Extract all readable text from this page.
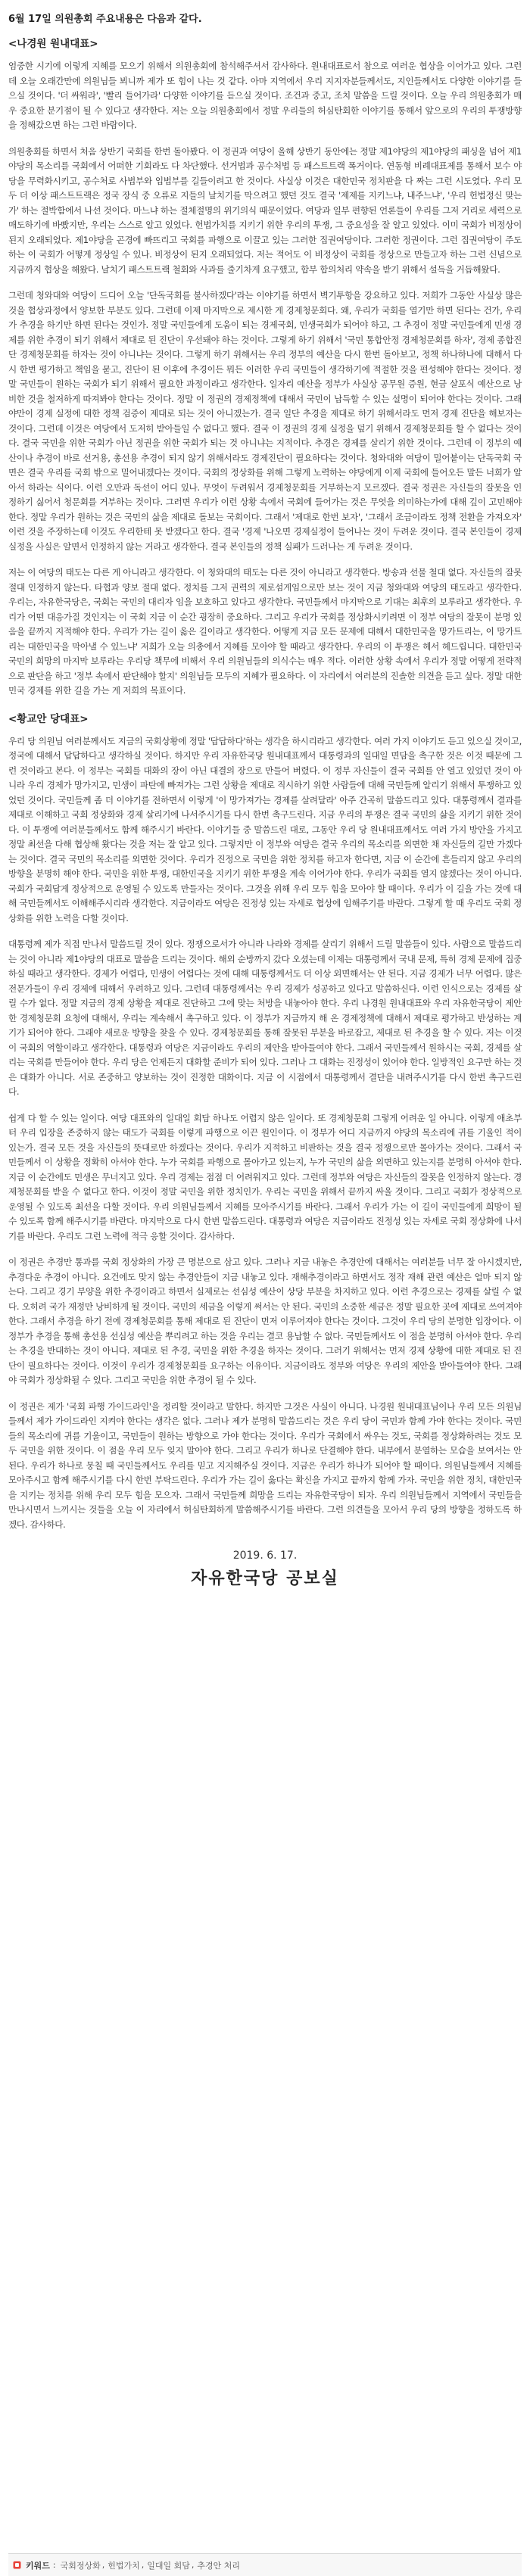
6월 17일 의원총회 주요내용은 다음과 같다.
<나경원 원내대표>

엄중한 시기에 이렇게 지혜를 모으기 위해서 의원총회에 참석해주셔서 감사하다. 원내대표로서 참으로 여러운 협상을 이어가고 있다. 그런데 오늘 오래간만에 의원님들 뵈니까 제가 또 힘이 나는 것 같다. 아마 지역에서 우리 지지자분들께서도, 지인들께서도 다양한 이야기를 들으실 것이다. '더 싸워라', '빨리 들어가라' 다양한 이야기를 듣으실 것이다. 조건과 중고, 조치 말씀을 드릴 것이다. 오늘 우리 의원총회가 매우 중요한 분기점이 될 수 있다고 생각한다. 저는 오늘 의원총회에서 정말 우리들의 허심탄회한 이야기를 통해서 앞으로의 우리의 투쟁방향을 정해갔으면 하는 그런 바람이다.

의원총회를 하면서 처음 상반기 국회를 한번 돌아봤다. 이 정권과 여당이 올해 상반기 동안에는 정말 제1야당의 제1야당의 패싱을 넘어 제1야당의 목소리를 국회에서 어떠한 기회라도 다 차단했다. 선거법과 공수처법 등 패스트트랙 폭거이다. 연동형 비례대표제를 통해서 보수 야당을 무력화시키고, 공수처로 사법부와 입법부를 길들이려고 한 것이다. 사실상 이것은 대한민국 정치판을 다 짜는 그런 시도였다. 우리 모두 더 이상 패스트트랙은 정국 장식 중 오류로 지들의 날치기를 막으려고 했던 것도 결국 '제제를 지키느냐, 내주느냐', '우리 헌법정신 맞는가' 하는 절박함에서 나선 것이다. 마느냐 하는 절체절명의 위기의식 때문이었다. 여당과 일부 편향된 언론들이 우리를 그저 거리로 세력으로 매도하기에 바빴지만, 우리는 스스로 알고 있었다. 헌법가치를 지키기 위한 우리의 투쟁, 그 중요성을 잘 알고 있었다. 이미 국회가 비정상이 된지 오래되었다. 제1야당을 곤경에 빠뜨리고 국회를 파행으로 이끌고 있는 그러한 집권여당이다. 그러한 정권이다. 그런 집권여당이 주도하는 이 국회가 어떻게 정상일 수 있나. 비정상이 된지 오래되었다. 저는 적어도 이 비정상이 국회를 정상으로 만들고자 하는 그런 신념으로 지금까지 협상을 해왔다. 날치기 패스트트랙 철회와 사과를 줄기차게 요구했고, 합부 합의처리 약속을 받기 위해서 설득을 거듭해왔다.

그런데 청와대와 여당이 드디어 오늘 '단독국회를 불사하겠다'라는 이야기를 하면서 벽기투항을 강요하고 있다. 저희가 그동안 사실상 많은 것을 협상과정에서 양보한 부분도 있다. 그런데 이제 마지막으로 제시한 게 경제청문회다. 왜, 우리가 국회를 열기만 하면 된다는 건가, 우리가 추경을 하기만 하면 된다는 것인가. 정말 국민들에게 도움이 되는 경제국회, 민생국회가 되어야 하고, 그 추경이 정말 국민들에게 민생 경제를 위한 추경이 되기 위해서 제대로 된 진단이 우선돼야 하는 것이다. 그렇게 하기 위해서 '국민 통합안정 경제청문회를 하자', 경제 종합진단 경제청문회를 하자는 것이 아니냐는 것이다. 그렇게 하기 위해서는 우리 정부의 예산을 다시 한번 돌아보고, 정책 하나하나에 대해서 다시 한번 평가하고 책임을 묻고, 진단이 된 이후에 추경이든 뭐든 이러한 우리 국민들이 생각하기에 적절한 것을 편성해야 한다는 것이다. 정말 국민들이 원하는 국회가 되기 위해서 필요한 과정이라고 생각한다. 일자리 예산을 정부가 사실상 공무원 증원, 현금 살포식 예산으로 낭비한 것을 철저하게 따져봐야 한다는 것이다. 정말 이 정권의 경제정책에 대해서 국민이 납득할 수 있는 설명이 되어야 한다는 것이다. 그래야만이 경제 실정에 대한 정책 검증이 제대로 되는 것이 아니겠는가. 결국 일단 추경을 제대로 하기 위해서라도 먼저 경제 진단을 해보자는 것이다. 그런데 이것은 여당에서 도저히 받아들일 수 없다고 했다. 결국 이 정권의 경제 실정을 덮기 위해서 경제청문회를 할 수 없다는 것이다. 결국 국민을 위한 국회가 아닌 정권을 위한 국회가 되는 것 아니냐는 지적이다. 추경은 경제를 살리기 위한 것이다. 그런데 이 정부의 예산이나 추경이 바로 선거용, 총선용 추경이 되지 않기 위해서라도 경제진단이 필요하다는 것이다. 청와대와 여당이 밀어붙이는 단독국회 국면은 결국 우리를 국회 밖으로 밀어내겠다는 것이다. 국회의 정상화를 위해 그렇게 노력하는 야당에게 이제 국회에 들어오든 말든 너희가 알아서 하라는 식이다. 이런 오만과 독선이 어디 있나. 무엇이 두려워서 경제청문회를 거부하는지 모르겠다. 결국 정권은 자신들의 잘못을 인정하기 싫어서 청문회를 거부하는 것이다. 그러면 우리가 이런 상황 속에서 국회에 들어가는 것은 무엇을 의미하는가에 대해 깊이 고민해야 한다. 정말 우리가 원하는 것은 국민의 삶을 제대로 돌보는 국회이다. 그래서 '제대로 한번 보자', '그래서 조금이라도 정책 전환을 가져오자' 이런 것을 주장하는데 이것도 우리한테 못 받겠다고 한다. 결국 '경제 '나오면 경제실정이 들어나는 것이 두려운 것이다. 결국 본인들이 경제 실정을 사실은 알면서 인정하지 않는 거라고 생각한다. 결국 본인들의 정책 실패가 드러나는 게 두려운 것이다.

저는 이 여당의 태도는 다른 게 아니라고 생각한다. 이 청와대의 태도는 다른 것이 아니라고 생각한다. 방송과 선물 철대 없다. 자신들의 잘못 절대 인정하지 않는다. 타협과 양보 절대 없다. 정치를 그저 권력의 제로섬게임으로만 보는 것이 지금 청와대와 여당의 태도라고 생각한다. 우리는, 자유한국당은, 국회는 국민의 대리자 임을 보호하고 있다고 생각한다. 국민들께서 마지막으로 기대는 최후의 보루라고 생각한다. 우리가 어떤 대응가질 것인지는 이 국회 지금 이 순간 굉장히 중요하다. 그리고 우리가 국회를 정상화시키려면 이 정부 여당의 잘못이 분명 있음을 끝까지 지적해야 한다. 우리가 가는 길이 옳은 길이라고 생각한다. 어떻게 지금 모든 문제에 대해서 대한민국을 망가트리는, 이 망가트리는 대한민국을 막아낼 수 있느냐' 저희가 오늘 의총에서 지혜를 모아야 할 때라고 생각한다. 우리의 이 투쟁은 헤서 헤드립니다. 대한민국 국민의 희망의 마지막 보루라는 우리당 책무에 비해서 우리 의원님들의 의식수는 매우 적다. 이러한 상황 속에서 우리가 정말 어떻게 전략적으로 판단을 하고 '정부 속에서 판단해야 할지' 의원님들 모두의 지혜가 필요하다. 이 자리에서 여러분의 진솔한 의견을 듣고 싶다. 정말 대한민국 경제를 위한 길을 가는 게 저희의 목표이다.

<황교안 당대표>

우리 당 의원님 여러분께서도 지금의 국회상황에 정말 '답답하다'하는 생각을 하시리라고 생각한다. 여러 가지 이야기도 듣고 있으실 것이고, 정국에 대해서 답답하다고 생각하실 것이다. 하지만 우리 자유한국당 원내대표께서 대통령과의 일대일 면담을 촉구한 것은 이것 때문에 그런 것이라고 본다. 이 정부는 국회를 대화의 장이 아닌 대결의 장으로 만들어 버렸다. 이 정부 자신들이 결국 국회를 안 열고 있었던 것이 아니라 우리 경제가 망가지고, 민생이 파탄에 빠져가는 그런 상황을 제대로 직시하기 위한 사람들에 대해 국민들께 알리기 위해서 투쟁하고 있었던 것이다. 국민들께 좀 더 이야기를 전하면서 이렇게 '이 망가져가는 경제를 살려달라' 아주 간곡히 말씀드리고 있다. 대통령께서 결과를 제대로 이해하고 국회 정상화와 경제 살리기에 나서주시기를 다시 한번 촉구드린다. 지금 우리의 투쟁은 결국 국민의 삶을 지키기 위한 것이다. 이 투쟁에 여러분들께서도 함께 해주시기 바란다. 이야기들 중 말씀드린 대로, 그동안 우리 당 원내대표께서도 여러 가지 방안을 가지고 정말 최선을 다해 협상해 왔다는 것을 저는 잘 알고 있다. 그렇지만 이 정부와 여당은 결국 우리의 목소리를 외면한 채 자신들의 길만 가겠다는 것이다. 결국 국민의 목소리를 외면한 것이다. 우리가 진정으로 국민을 위한 정치를 하고자 한다면, 지금 이 순간에 흔들리지 않고 우리의 방향을 분명히 해야 한다. 국민을 위한 투쟁, 대한민국을 지키기 위한 투쟁을 계속 이어가야 한다. 우리가 국회를 열지 않겠다는 것이 아니다. 국회가 국회답게 정상적으로 운영될 수 있도록 만들자는 것이다. 그것을 위해 우리 모두 힘을 모아야 할 때이다. 우리가 이 길을 가는 것에 대해 국민들께서도 이해해주시리라 생각한다. 지금이라도 여당은 진정성 있는 자세로 협상에 임해주기를 바란다. 그렇게 할 때 우리도 국회 정상화를 위한 노력을 다할 것이다.

대통령께 제가 직접 만나서 말씀드릴 것이 있다. 정쟁으로서가 아니라 나라와 경제를 살리기 위해서 드릴 말씀들이 있다. 사람으로 말씀드리는 것이 아니라 제1야당의 대표로 말씀을 드리는 것이다. 해외 순방까지 갔다 오셨는데 이제는 대통령께서 국내 문제, 특히 경제 문제에 집중하실 때라고 생각한다. 경제가 어렵다, 민생이 어렵다는 것에 대해 대통령께서도 더 이상 외면해서는 안 된다. 지금 경제가 너무 어렵다. 많은 전문가들이 우리 경제에 대해서 우려하고 있다. 그런데 대통령께서는 우리 경제가 성공하고 있다고 말씀하신다. 이런 인식으로는 경제를 살릴 수가 없다. 정말 지금의 경제 상황을 제대로 진단하고 그에 맞는 처방을 내놓아야 한다. 우리 나경원 원내대표와 우리 자유한국당이 제안한 경제청문회 요청에 대해서, 우리는 계속해서 촉구하고 있다. 이 정부가 지금까지 해 온 경제정책에 대해서 제대로 평가하고 반성하는 계기가 되어야 한다. 그래야 새로운 방향을 찾을 수 있다. 경제청문회를 통해 잘못된 부분을 바로잡고, 제대로 된 추경을 할 수 있다. 저는 이것이 국회의 역할이라고 생각한다. 대통령과 여당은 지금이라도 우리의 제안을 받아들여야 한다. 그래서 국민들께서 원하시는 국회, 경제를 살리는 국회를 만들어야 한다. 우리 당은 언제든지 대화할 준비가 되어 있다. 그러나 그 대화는 진정성이 있어야 한다. 일방적인 요구만 하는 것은 대화가 아니다. 서로 존중하고 양보하는 것이 진정한 대화이다. 지금 이 시점에서 대통령께서 결단을 내려주시기를 다시 한번 촉구드린다.

쉽게 다 할 수 있는 일이다. 여당 대표와의 일대일 회담 하나도 어렵지 않은 일이다. 또 경제청문회 그렇게 어려운 일 아니다. 이렇게 애초부터 우리 입장을 존중하지 않는 태도가 국회를 이렇게 파행으로 이끈 원인이다. 이 정부가 어디 지금까지 야당의 목소리에 귀를 기울인 적이 있는가. 결국 모든 것을 자신들의 뜻대로만 하겠다는 것이다. 우리가 지적하고 비판하는 것을 결국 정쟁으로만 몰아가는 것이다. 그래서 국민들께서 이 상황을 정확히 아셔야 한다. 누가 국회를 파행으로 몰아가고 있는지, 누가 국민의 삶을 외면하고 있는지를 분명히 아셔야 한다. 지금 이 순간에도 민생은 무너지고 있다. 우리 경제는 점점 더 어려워지고 있다. 그런데 정부와 여당은 자신들의 잘못을 인정하지 않는다. 경제청문회를 받을 수 없다고 한다. 이것이 정말 국민을 위한 정치인가. 우리는 국민을 위해서 끝까지 싸울 것이다. 그리고 국회가 정상적으로 운영될 수 있도록 최선을 다할 것이다. 우리 의원님들께서 지혜를 모아주시기를 바란다. 그래서 우리가 가는 이 길이 국민들에게 희망이 될 수 있도록 함께 해주시기를 바란다. 마지막으로 다시 한번 말씀드린다. 대통령과 여당은 지금이라도 진정성 있는 자세로 국회 정상화에 나서기를 바란다. 우리도 그런 노력에 적극 응할 것이다. 감사하다.

이 정권은 추경만 통과를 국회 정상화의 가장 큰 명분으로 삼고 있다. 그러나 지금 내놓은 추경안에 대해서는 여러분들 너무 잘 아시겠지만, 추경다운 추경이 아니다. 요건에도 맞지 않는 추경안들이 지금 내놓고 있다. 재해추경이라고 하면서도 정작 재해 관련 예산은 얼마 되지 않는다. 그리고 경기 부양을 위한 추경이라고 하면서 실제로는 선심성 예산이 상당 부분을 차지하고 있다. 이런 추경으로는 경제를 살릴 수 없다. 오히려 국가 재정만 낭비하게 될 것이다. 국민의 세금을 이렇게 써서는 안 된다. 국민의 소중한 세금은 정말 필요한 곳에 제대로 쓰여져야 한다. 그래서 추경을 하기 전에 경제청문회를 통해 제대로 된 진단이 먼저 이루어져야 한다는 것이다. 그것이 우리 당의 분명한 입장이다. 이 정부가 추경을 통해 총선용 선심성 예산을 뿌리려고 하는 것을 우리는 결코 용납할 수 없다. 국민들께서도 이 점을 분명히 아셔야 한다. 우리는 추경을 반대하는 것이 아니다. 제대로 된 추경, 국민을 위한 추경을 하자는 것이다. 그러기 위해서는 먼저 경제 상황에 대한 제대로 된 진단이 필요하다는 것이다. 이것이 우리가 경제청문회를 요구하는 이유이다. 지금이라도 정부와 여당은 우리의 제안을 받아들여야 한다. 그래야 국회가 정상화될 수 있다. 그리고 국민을 위한 추경이 될 수 있다.

이 정권은 제가 '국회 파행 가이드라인'을 정리할 것이라고 말한다. 하지만 그것은 사실이 아니다. 나경원 원내대표님이나 우리 모든 의원님들께서 제가 가이드라인 지켜야 한다는 생각은 없다. 그러나 제가 분명히 말씀드리는 것은 우리 당이 국민과 함께 가야 한다는 것이다. 국민들의 목소리에 귀를 기울이고, 국민들이 원하는 방향으로 가야 한다는 것이다. 우리가 국회에서 싸우는 것도, 국회를 정상화하려는 것도 모두 국민을 위한 것이다. 이 점을 우리 모두 잊지 말아야 한다. 그리고 우리가 하나로 단결해야 한다. 내부에서 분열하는 모습을 보여서는 안 된다. 우리가 하나로 뭉칠 때 국민들께서도 우리를 믿고 지지해주실 것이다. 지금은 우리가 하나가 되어야 할 때이다. 의원님들께서 지혜를 모아주시고 함께 해주시기를 다시 한번 부탁드린다. 우리가 가는 길이 옳다는 확신을 가지고 끝까지 함께 가자. 국민을 위한 정치, 대한민국을 지키는 정치를 위해 우리 모두 힘을 모으자. 그래서 국민들께 희망을 드리는 자유한국당이 되자. 우리 의원님들께서 지역에서 국민들을 만나시면서 느끼시는 것들을 오늘 이 자리에서 허심탄회하게 말씀해주시기를 바란다. 그런 의견들을 모아서 우리 당의 방향을 정하도록 하겠다. 감사하다.

2019. 6. 17.
자유한국당 공보실
키워드 : 국회정상화 , 헌법가치 , 일대일 회담 , 추경안 처리
